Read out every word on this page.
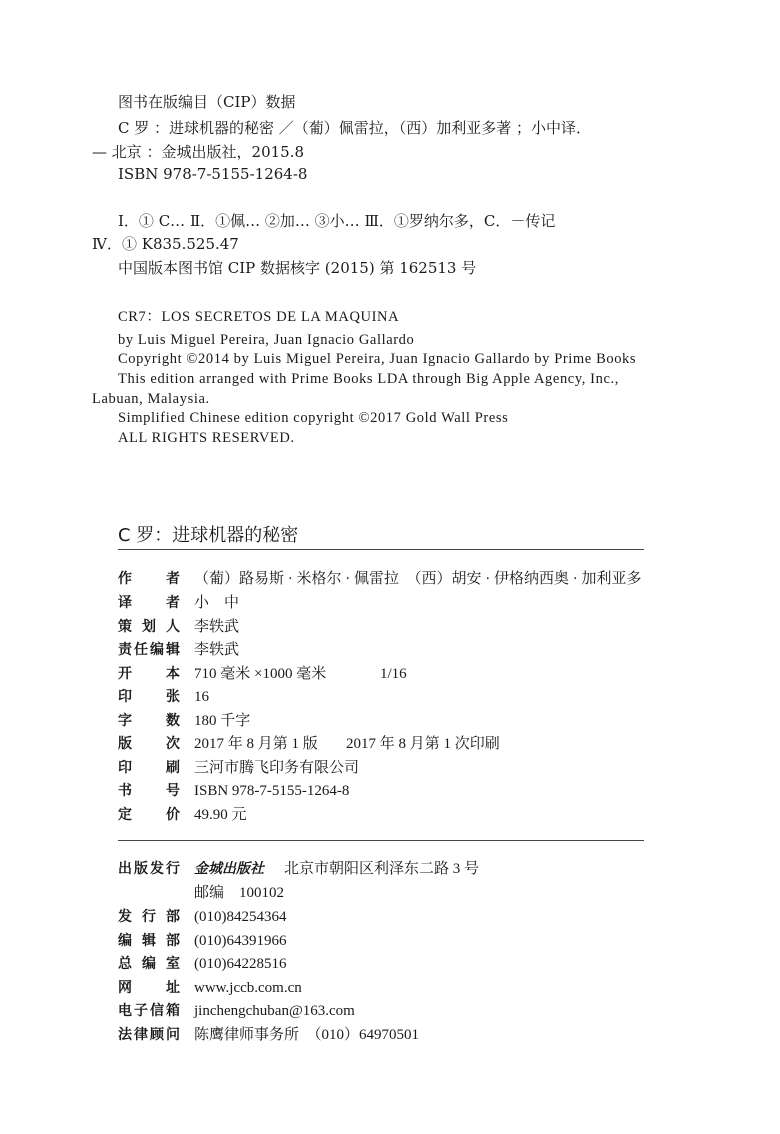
图书在版编目（CIP）数据
C 罗 ：进球机器的秘密 ／（葡）佩雷拉，（西）加利亚多著 ；小中译．
— 北京 ：金城出版社，2015.8
ISBN 978-7-5155-1264-8
Ⅰ．① C… Ⅱ．①佩… ②加… ③小… Ⅲ．①罗纳尔多，C．－传记
Ⅳ．① K835.525.47
中国版本图书馆 CIP 数据核字 (2015) 第 162513 号
CR7：LOS SECRETOS DE LA MAQUINA
by Luis Miguel Pereira, Juan Ignacio Gallardo
Copyright ©2014 by Luis Miguel Pereira, Juan Ignacio Gallardo by Prime Books
This edition arranged with Prime Books LDA through Big Apple Agency, Inc.,
Labuan, Malaysia.
Simplified Chinese edition copyright ©2017 Gold Wall Press
ALL RIGHTS RESERVED.
C 罗：进球机器的秘密
作者 （葡）路易斯 · 米格尔 · 佩雷拉　（西）胡安 · 伊格纳西奥 · 加利亚多
译者 小　中
策划人 李轶武
责任编辑 李轶武
开本 710 毫米 ×1000 毫米	1/16
印张 16
字数 180 千字
版次 2017 年 8 月第 1 版 2017 年 8 月第 1 次印刷
印刷 三河市腾飞印务有限公司
书号 ISBN 978-7-5155-1264-8
定价 49.90 元
出版发行 金城出版社 北京市朝阳区利泽东二路 3 号
邮编　100102
发行部 (010)84254364
编辑部 (010)64391966
总编室 (010)64228516
网址 www.jccb.com.cn
电子信箱 jinchengchuban@163.com
法律顾问 陈鹰律师事务所　（010）64970501
